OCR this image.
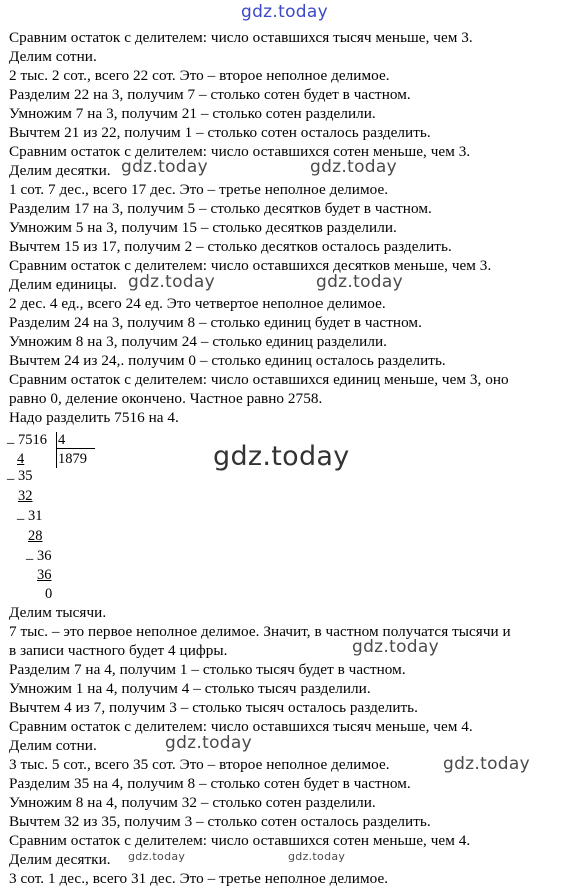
gdz.today

Сравним остаток с делителем: число оставшихся тысяч меньше, чем 3.

Делим сотни.

2 тыс. 2 сот., всего 22 сот. Это – второе неполное делимое.

Разделим 22 на 3, получим 7 – столько сотен будет в частном.

Умножим 7 на 3, получим 21 – столько сотен разделили.

Вычтем 21 из 22, получим 1 – столько сотен осталось разделить.

Сравним остаток с делителем: число оставшихся сотен меньше, чем 3.

Делим десятки.

1 сот. 7 дес., всего 17 дес. Это – третье неполное делимое.

Разделим 17 на 3, получим 5 – столько десятков будет в частном.

Умножим 5 на 3, получим 15 – столько десятков разделили.

Вычтем 15 из 17, получим 2 – столько десятков осталось разделить.

Сравним остаток с делителем: число оставшихся десятков меньше, чем 3.

Делим единицы.

2 дес. 4 ед., всего 24 ед. Это четвертое неполное делимое.

Разделим 24 на 3, получим 8 – столько единиц будет в частном.

Умножим 8 на 3, получим 24 – столько единиц разделили.

Вычтем 24 из 24,. получим 0 – столько единиц осталось разделить.

Сравним остаток с делителем: число оставшихся единиц меньше, чем 3, оно

равно 0, деление окончено. Частное равно 2758.

Надо разделить 7516 на 4.

gdz.today	gdz.today
gdz.today	gdz.today
_ 7516 4
1879
4
_ 35
32
_ 31
28
_ 36
36
0
gdz.today

Делим тысячи.

7 тыс. – это первое неполное делимое. Значит, в частном получатся тысячи и

в записи частного будет 4 цифры.

Разделим 7 на 4, получим 1 – столько тысяч будет в частном.

Умножим 1 на 4, получим 4 – столько тысяч разделили.

Вычтем 4 из 7, получим 3 – столько тысяч осталось разделить.

Сравним остаток с делителем: число оставшихся тысяч меньше, чем 4.

Делим сотни.

3 тыс. 5 сот., всего 35 сот. Это – второе неполное делимое.

Разделим 35 на 4, получим 8 – столько сотен будет в частном.

Умножим 8 на 4, получим 32 – столько сотен разделили.

Вычтем 32 из 35, получим 3 – столько сотен осталось разделить.

Сравним остаток с делителем: число оставшихся сотен меньше, чем 4.

Делим десятки.

3 сот. 1 дес., всего 31 дес. Это – третье неполное делимое.

gdz.today
gdz.today
gdz.today
gdz.today	gdz.today
